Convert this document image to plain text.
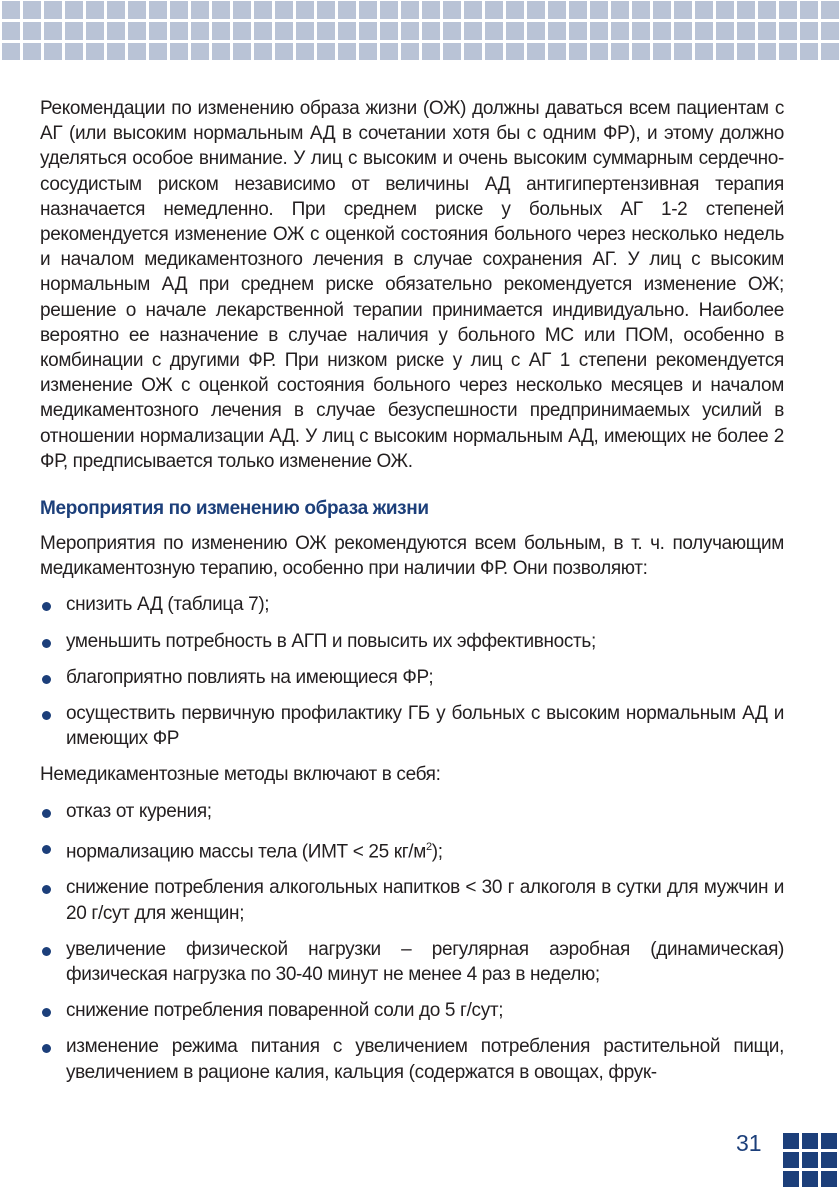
Рекомендации по изменению образа жизни (ОЖ) должны даваться всем пациентам с АГ (или высоким нормальным АД в сочетании хотя бы с одним ФР), и этому должно уделяться особое внимание. У лиц с высоким и очень высоким суммарным сердечно-сосудистым риском независимо от величины АД антигипертензивная терапия назначается немедленно. При среднем риске у больных АГ 1-2 степеней рекомендуется изменение ОЖ с оценкой состояния больного через несколько недель и началом медикаментозного лечения в случае сохранения АГ. У лиц с высоким нормальным АД при среднем риске обязательно рекомендуется изменение ОЖ; решение о начале лекарственной терапии принимается индивидуально. Наиболее вероятно ее назначение в случае наличия у больного МС или ПОМ, особенно в комбинации с другими ФР. При низком риске у лиц с АГ 1 степени рекомендуется изменение ОЖ с оценкой состояния больного через несколько месяцев и началом медикаментозного лечения в случае безуспешности предпринимаемых усилий в отношении нормализации АД. У лиц с высоким нормальным АД, имеющих не более 2 ФР, предписывается только изменение ОЖ.

Мероприятия по изменению образа жизни

Мероприятия по изменению ОЖ рекомендуются всем больным, в т. ч. получающим медикаментозную терапию, особенно при наличии ФР. Они позволяют:

снизить АД (таблица 7);
уменьшить потребность в АГП и повысить их эффективность;
благоприятно повлиять на имеющиеся ФР;
осуществить первичную профилактику ГБ у больных с высоким нормальным АД и имеющих ФР

Немедикаментозные методы включают в себя:

отказ от курения;
нормализацию массы тела (ИМТ < 25 $кг/м^2$);
снижение потребления алкогольных напитков < 30 г алкоголя в сутки для мужчин и 20 г/сут для женщин;
увеличение физической нагрузки – регулярная аэробная (динамическая) физическая нагрузка по 30-40 минут не менее 4 раз в неделю;
снижение потребления поваренной соли до 5 г/сут;
изменение режима питания с увеличением потребления растительной пищи, увеличением в рационе калия, кальция (содержатся в овощах, фрук-
31
